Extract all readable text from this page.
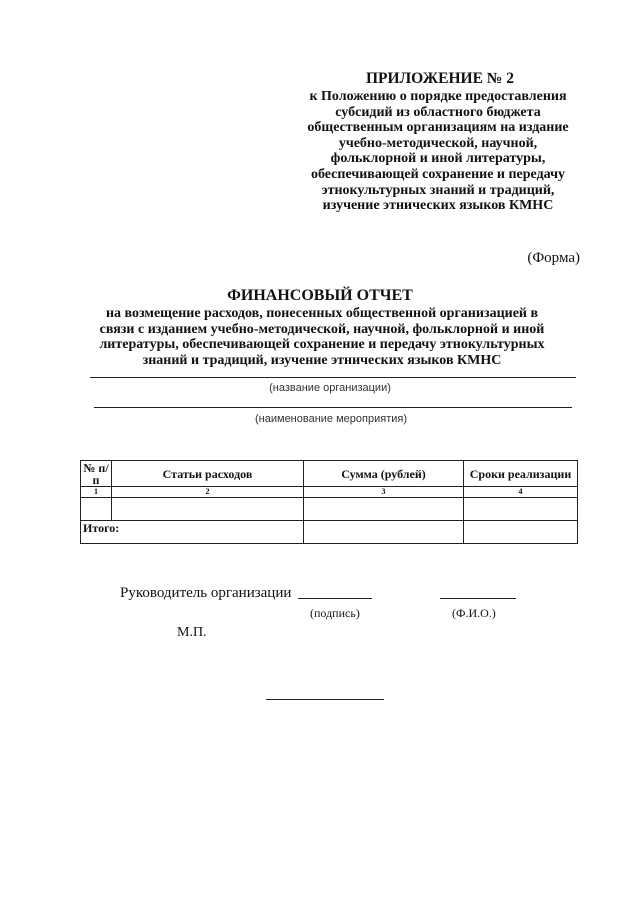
ПРИЛОЖЕНИЕ № 2
к Положению о порядке предоставления
субсидий из областного бюджета
общественным организациям на издание
учебно-методической, научной,
фольклорной и иной литературы,
обеспечивающей сохранение и передачу
этнокультурных знаний и традиций,
изучение этнических языков КМНС
(Форма)
ФИНАНСОВЫЙ ОТЧЕТ
на возмещение расходов, понесенных общественной организацией в
связи с изданием учебно-методической, научной, фольклорной и иной
литературы, обеспечивающей сохранение и передачу этнокультурных
знаний и традиций, изучение этнических языков КМНС
(название организации)
(наименование мероприятия)
№ п/п	Статьи расходов	Сумма (рублей)	Сроки реализации
1	2	3	4

Итого:			
Руководитель организации
(подпись)	(Ф.И.О.)
М.П.
